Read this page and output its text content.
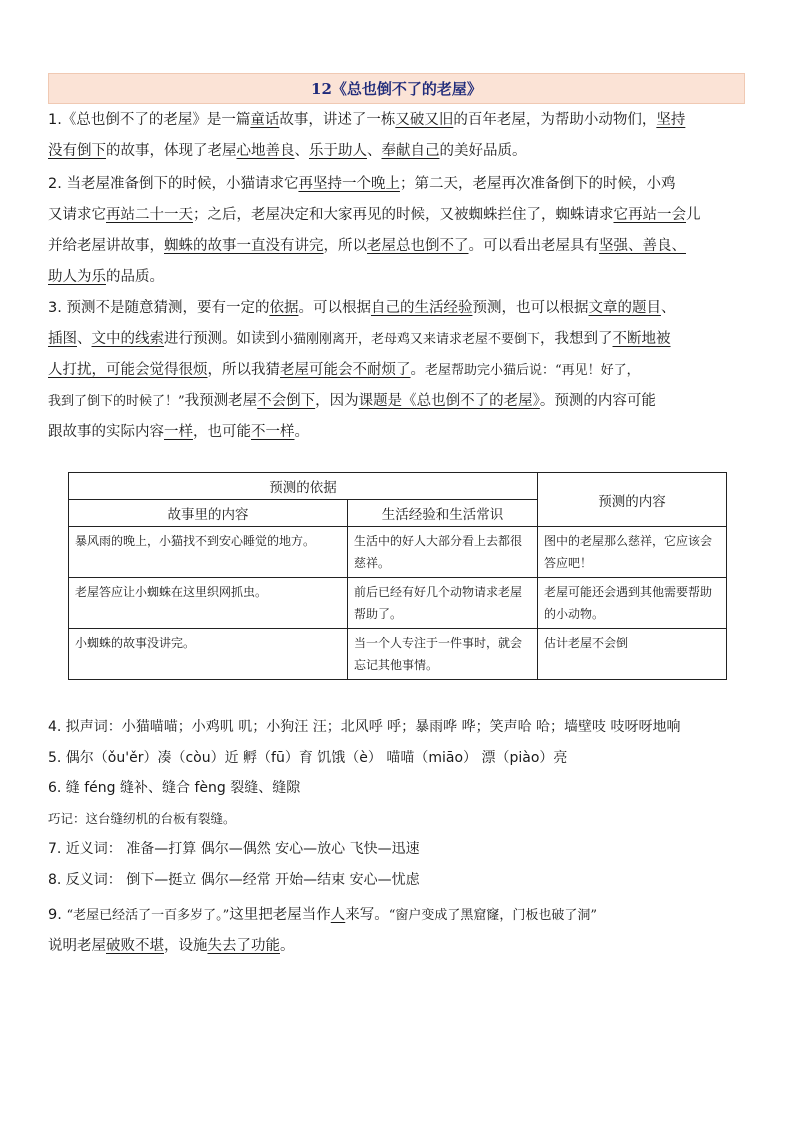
12《总也倒不了的老屋》
1.《总也倒不了的老屋》是一篇童话故事，讲述了一栋又破又旧的百年老屋，为帮助小动物们，坚持
没有倒下的故事，体现了老屋心地善良、乐于助人、奉献自己的美好品质。
2. 当老屋准备倒下的时候，小猫请求它再坚持一个晚上；第二天，老屋再次准备倒下的时候，小鸡
又请求它再站二十一天；之后，老屋决定和大家再见的时候，又被蜘蛛拦住了，蜘蛛请求它再站一会儿
并给老屋讲故事，蜘蛛的故事一直没有讲完，所以老屋总也倒不了。可以看出老屋具有坚强、善良、
助人为乐的品质。
3. 预测不是随意猜测，要有一定的依据。可以根据自己的生活经验预测，也可以根据文章的题目、
插图、文中的线索进行预测。如读到小猫刚刚离开，老母鸡又来请求老屋不要倒下，我想到了不断地被
人打扰，可能会觉得很烦，所以我猜老屋可能会不耐烦了。老屋帮助完小猫后说：“再见！好了，
我到了倒下的时候了！”我预测老屋不会倒下，因为课题是《总也倒不了的老屋》。预测的内容可能
跟故事的实际内容一样，也可能不一样。
预测的依据		预测的内容
故事里的内容	生活经验和生活常识	
暴风雨的晚上，小猫找不到安心睡觉的地方。	生活中的好人大部分看上去都很慈祥。	图中的老屋那么慈祥，它应该会答应吧！
老屋答应让小蜘蛛在这里织网抓虫。	前后已经有好几个动物请求老屋帮助了。	老屋可能还会遇到其他需要帮助的小动物。
小蜘蛛的故事没讲完。	当一个人专注于一件事时，就会忘记其他事情。	估计老屋不会倒
4. 拟声词：小猫喵喵；小鸡叽 叽；小狗汪 汪；北风呼 呼；暴雨哗 哗；笑声哈 哈；墙壁吱 吱呀呀地响
5. 偶尔（ǒu'ěr）凑（còu）近 孵（fū）育 饥饿（è） 喵喵（miāo） 漂（piào）亮
6. 缝 féng 缝补、缝合 fèng 裂缝、缝隙
巧记：这台缝纫机的台板有裂缝。
7. 近义词： 准备—打算 偶尔—偶然 安心—放心 飞快—迅速
8. 反义词： 倒下—挺立 偶尔—经常 开始—结束 安心—忧虑
9. “老屋已经活了一百多岁了。”这里把老屋当作人来写。“窗户变成了黑窟窿，门板也破了洞”
说明老屋破败不堪，设施失去了功能。
